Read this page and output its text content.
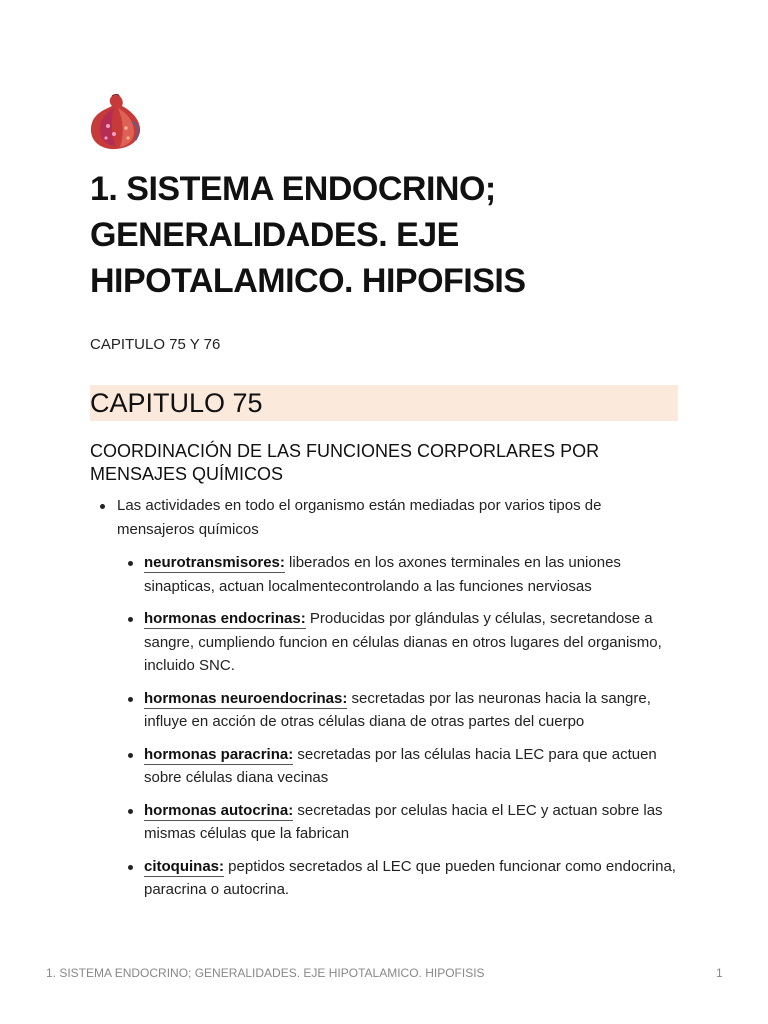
1. SISTEMA ENDOCRINO; GENERALIDADES. EJE HIPOTALAMICO. HIPOFISIS

CAPITULO 75 Y 76

CAPITULO 75
COORDINACIÓN DE LAS FUNCIONES CORPORLARES POR MENSAJES QUÍMICOS
Las actividades en todo el organismo están mediadas por varios tipos de mensajeros químicos
neurotransmisores: liberados en los axones terminales en las uniones sinapticas, actuan localmentecontrolando a las funciones nerviosas
hormonas endocrinas: Producidas por glándulas y células, secretandose a sangre, cumpliendo funcion en células dianas en otros lugares del organismo, incluido SNC.
hormonas neuroendocrinas: secretadas por las neuronas hacia la sangre, influye en acción de otras células diana de otras partes del cuerpo
hormonas paracrina: secretadas por las células hacia LEC para que actuen sobre células diana vecinas
hormonas autocrina: secretadas por celulas hacia el LEC y actuan sobre las mismas células que la fabrican
citoquinas: peptidos secretados al LEC que pueden funcionar como endocrina, paracrina o autocrina.
1. SISTEMA ENDOCRINO; GENERALIDADES. EJE HIPOTALAMICO. HIPOFISIS	1
